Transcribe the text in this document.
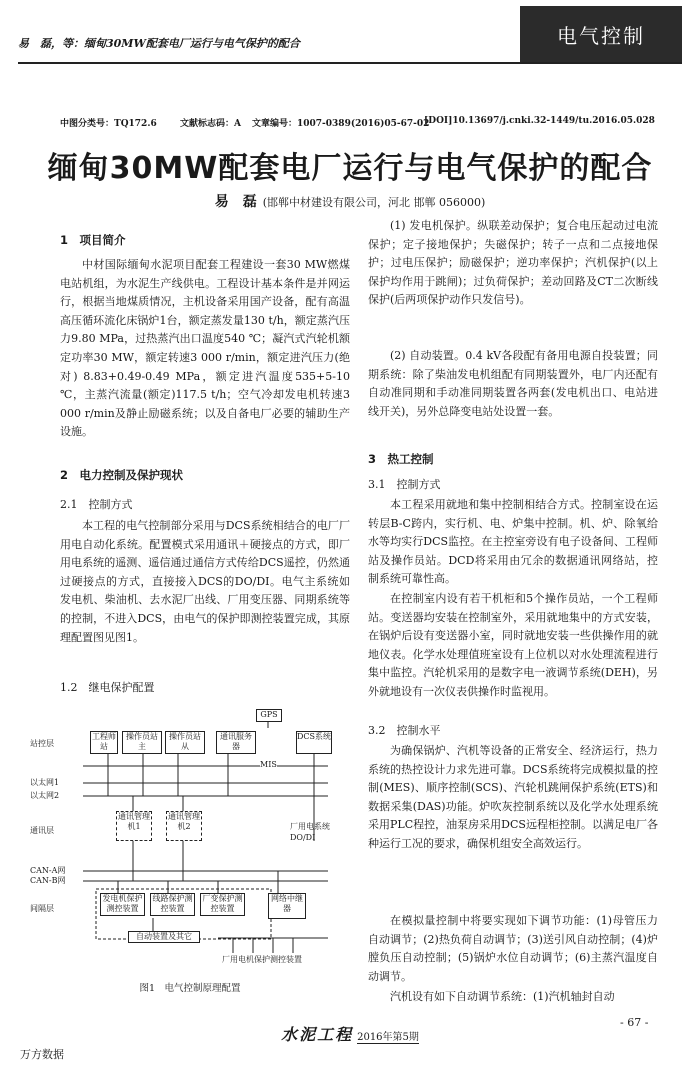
易　磊，等：缅甸30MW配套电厂运行与电气保护的配合	电气控制
中图分类号：TQ172.6	文献标志码：A 文章编号：1007-0389(2016)05-67-02
[DOI]10.13697/j.cnki.32-1449/tu.2016.05.028
缅甸30MW配套电厂运行与电气保护的配合
易　磊 (邯郸中材建设有限公司，河北 邯郸 056000)
1　项目简介
中材国际缅甸水泥项目配套工程建设一套30 MW燃煤电站机组，为水泥生产线供电。工程设计基本条件是并网运行，根据当地煤质情况，主机设备采用国产设备，配有高温高压循环流化床锅炉1台，额定蒸发量130 t/h，额定蒸汽压力9.80 MPa，过热蒸汽出口温度540 ℃；凝汽式汽轮机额定功率30 MW，额定转速3 000 r/min，额定进汽压力(绝对) 8.83+0.49-0.49 MPa，额定进汽温度535+5-10 ℃，主蒸汽流量(额定)117.5 t/h；空气冷却发电机转速3 000 r/min及静止励磁系统；以及自备电厂必要的辅助生产设施。
2　电力控制及保护现状
2.1　控制方式
本工程的电气控制部分采用与DCS系统相结合的电厂厂用电自动化系统。配置模式采用通讯＋硬接点的方式，即厂用电系统的遥测、遥信通过通信方式传给DCS遥控，仍然通过硬接点的方式，直接接入DCS的DO/DI。电气主系统如发电机、柴油机、去水泥厂出线、厂用变压器、同期系统等的控制，不进入DCS，由电气的保护即测控装置完成，其原理配置图见图1。
1.2　继电保护配置
GPS
站控层
工程师站
操作员站主
操作员站从
通讯服务器
MIS
DCS系统
以太网1
以太网2
厂用电系统DO/DI
通讯层
通讯管理机1
通讯管理机2
CAN-A网
CAN-B网
间隔层
发电机保护测控装置
线路保护测控装置
厂变保护测控装置
网络中继器
自动装置及其它
厂用电机保护测控装置
图1　电气控制原理配置
(1) 发电机保护。纵联差动保护；复合电压起动过电流保护；定子接地保护；失磁保护；转子一点和二点接地保护；过电压保护；励磁保护；逆功率保护；汽机保护(以上保护均作用于跳闸)；过负荷保护；差动回路及CT二次断线保护(后两项保护动作只发信号)。
(2) 自动装置。0.4 kV各段配有备用电源自投装置；同期系统：除了柴油发电机组配有同期装置外，电厂内还配有自动准同期和手动准同期装置各两套(发电机出口、电站进线开关)，另外总降变电站处设置一套。
3　热工控制
3.1　控制方式
本工程采用就地和集中控制相结合方式。控制室设在运转层B-C跨内，实行机、电、炉集中控制。机、炉、除氧给水等均实行DCS监控。在主控室旁设有电子设备间、工程师站及操作员站。DCD将采用由冗余的数据通讯网络站，控制系统可靠性高。
在控制室内设有若干机柜和5个操作员站，一个工程师站。变送器均安装在控制室外，采用就地集中的方式安装，在锅炉后设有变送器小室，同时就地安装一些供操作用的就地仪表。化学水处理值班室设有上位机以对水处理流程进行集中监控。汽轮机采用的是数字电一液调节系统(DEH)，另外就地设有一次仪表供操作时监视用。
3.2　控制水平
为确保锅炉、汽机等设备的正常安全、经济运行，热力系统的热控设计力求先进可靠。DCS系统将完成模拟量的控制(MES)、顺序控制(SCS)、汽轮机跳闸保护系统(ETS)和数据采集(DAS)功能。炉吹灰控制系统以及化学水处理系统采用PLC程控，油泵房采用DCS远程柜控制。以满足电厂各种运行工况的要求，确保机组安全高效运行。
在模拟量控制中将要实现如下调节功能：(1)母管压力自动调节；(2)热负荷自动调节；(3)送引风自动控制；(4)炉膛负压自动控制；(5)锅炉水位自动调节；(6)主蒸汽温度自动调节。
汽机设有如下自动调节系统：(1)汽机轴封自动
- 67 -
水泥工程 2016年第5期
万方数据
